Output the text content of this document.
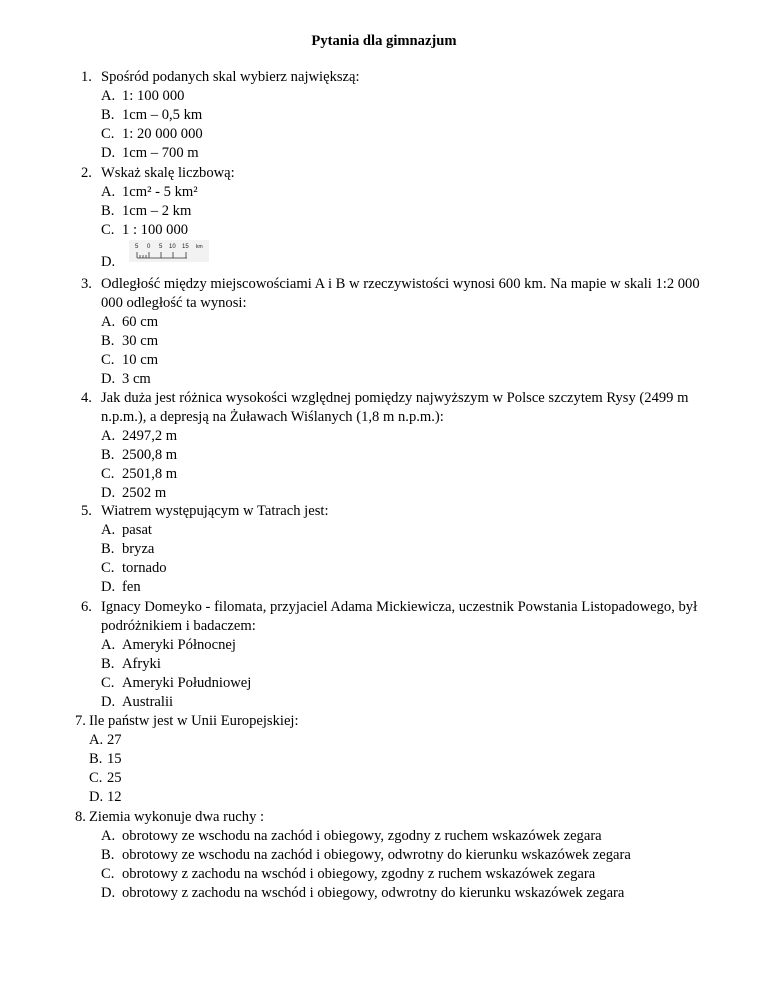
Pytania dla gimnazjum
1. Spośród podanych skal wybierz największą:
A. 1: 100 000
B. 1cm – 0,5 km
C. 1: 20 000 000
D. 1cm – 700 m
2. Wskaż skalę liczbową:
A. 1cm² - 5 km²
B. 1cm – 2 km
C. 1 : 100 000
D.
5 0 5 10 15 km
3. Odległość między miejscowościami A i B w rzeczywistości wynosi 600 km. Na mapie w skali 1:2 000 000 odległość ta wynosi:
A. 60 cm
B. 30 cm
C. 10 cm
D. 3 cm
4. Jak duża jest różnica wysokości względnej pomiędzy najwyższym w Polsce szczytem Rysy (2499 m n.p.m.), a depresją na Żuławach Wiślanych (1,8 m n.p.m.):
A. 2497,2 m
B. 2500,8 m
C. 2501,8 m
D. 2502 m
5. Wiatrem występującym w Tatrach jest:
A. pasat
B. bryza
C. tornado
D. fen
6. Ignacy Domeyko - filomata, przyjaciel Adama Mickiewicza, uczestnik Powstania Listopadowego, był podróżnikiem i badaczem:
A. Ameryki Północnej
B. Afryki
C. Ameryki Południowej
D. Australii
7. Ile państw jest w Unii Europejskiej:
A. 27
B. 15
C. 25
D. 12
8. Ziemia wykonuje dwa ruchy :
A. obrotowy ze wschodu na zachód i obiegowy, zgodny z ruchem wskazówek zegara
B. obrotowy ze wschodu na zachód i obiegowy, odwrotny do kierunku wskazówek zegara
C. obrotowy z zachodu na wschód i obiegowy, zgodny z ruchem wskazówek zegara
D. obrotowy z zachodu na wschód i obiegowy, odwrotny do kierunku wskazówek zegara
